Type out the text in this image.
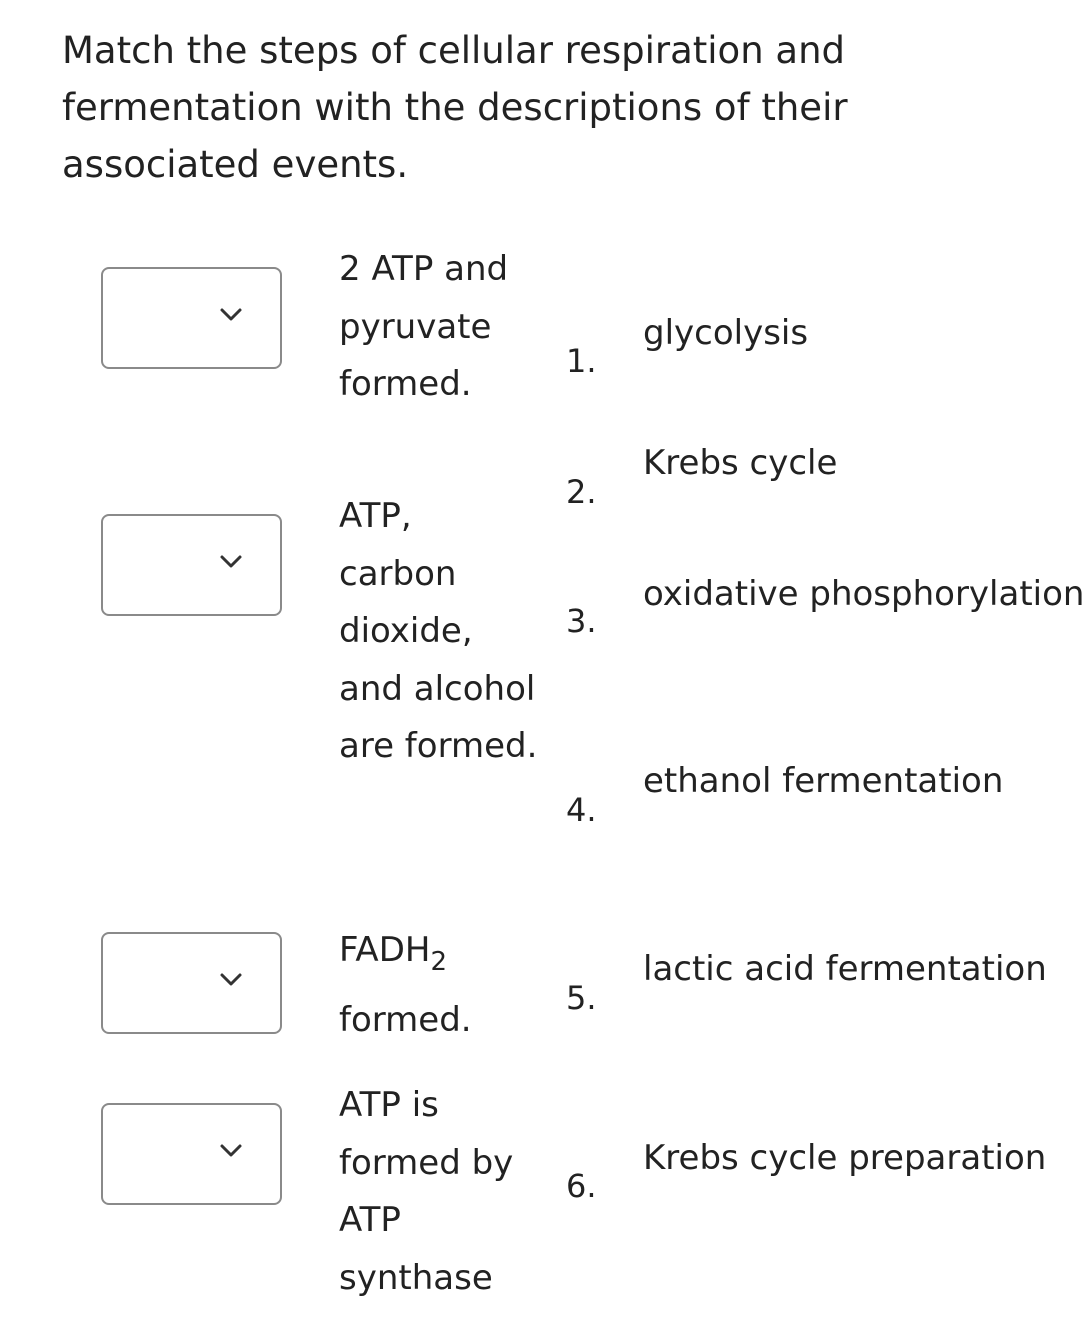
Match the steps of cellular respiration and fermentation with the descriptions of their associated events.

2 ATP and pyruvate formed.
ATP, carbon dioxide, and alcohol are formed.
$FADH_2$
formed.
ATP is formed by ATP synthase
1.
glycolysis
2.
Krebs cycle
3.
oxidative phosphorylation
4.
ethanol fermentation
5.
lactic acid fermentation
6.
Krebs cycle preparation
